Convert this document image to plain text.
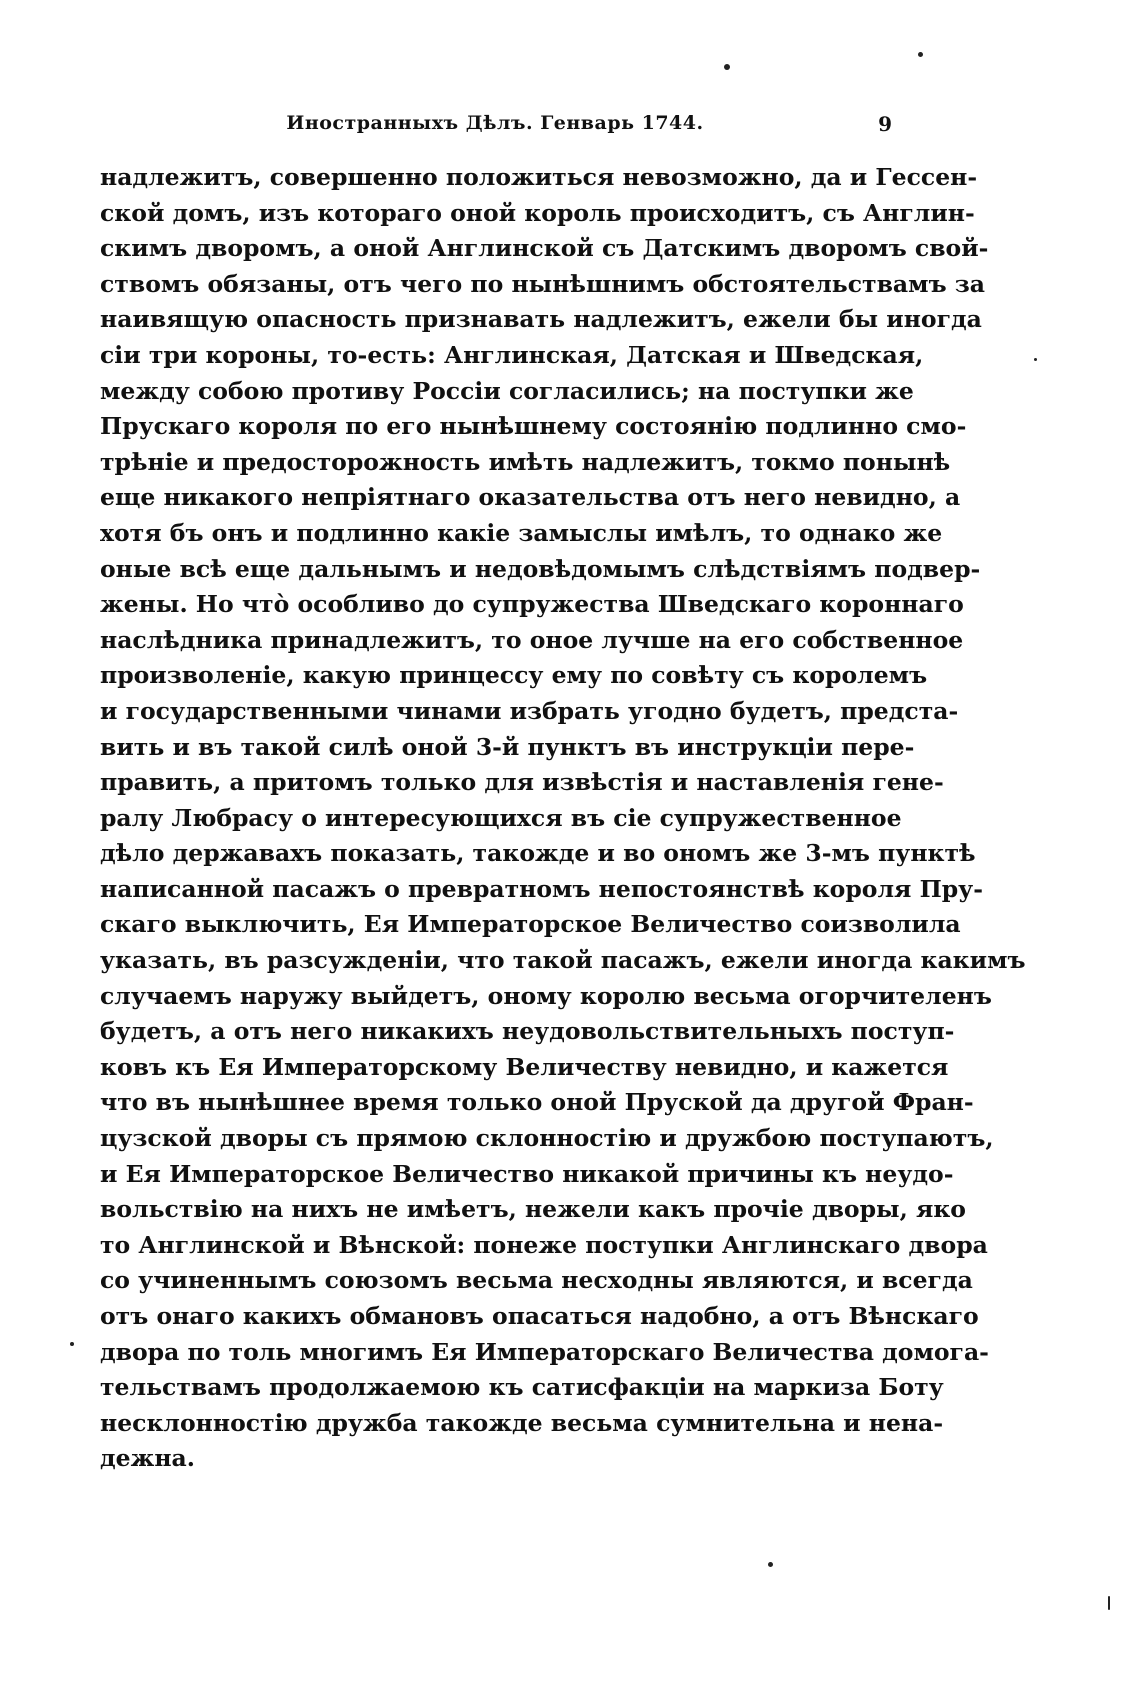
Иностранныхъ Дѣлъ. Генварь 1744.	9
надлежитъ, совершенно положиться невозможно, да и Гессен-
ской домъ, изъ котораго оной король происходитъ, съ Англин-
скимъ дворомъ, а оной Англинской съ Датскимъ дворомъ свой-
ствомъ обязаны, отъ чего по нынѣшнимъ обстоятельствамъ за
наивящую опасность признавать надлежитъ, ежели бы иногда
сіи три короны, то-есть: Англинская, Датская и Шведская,
между собою противу Россіи согласились; на поступки же
Прускаго короля по его нынѣшнему состоянію подлинно смо-
трѣніе и предосторожность имѣть надлежитъ, токмо понынѣ
еще никакого непріятнаго оказательства отъ него невидно, а
хотя бъ онъ и подлинно какіе замыслы имѣлъ, то однако же
оные всѣ еще дальнымъ и недовѣдомымъ слѣдствіямъ подвер-
жены. Но что̀ особливо до супружества Шведскаго короннаго
наслѣдника принадлежитъ, то оное лучше на его собственное
произволеніе, какую принцессу ему по совѣту съ королемъ
и государственными чинами избрать угодно будетъ, предста-
вить и въ такой силѣ оной 3-й пунктъ въ инструкціи пере-
править, а притомъ только для извѣстія и наставленія гене-
ралу Любрасу о интересующихся въ сіе супружественное
дѣло державахъ показать, такожде и во ономъ же 3-мъ пунктѣ
написанной пасажъ о превратномъ непостоянствѣ короля Пру-
скаго выключить, Ея Императорское Величество соизволила
указать, въ разсужденіи, что такой пасажъ, ежели иногда какимъ
случаемъ наружу выйдетъ, оному королю весьма огорчителенъ
будетъ, а отъ него никакихъ неудовольствительныхъ поступ-
ковъ къ Ея Императорскому Величеству невидно, и кажется
что въ нынѣшнее время только оной Пруской да другой Фран-
цузской дворы съ прямою склонностію и дружбою поступаютъ,
и Ея Императорское Величество никакой причины къ неудо-
вольствію на нихъ не имѣетъ, нежели какъ прочіе дворы, яко
то Англинской и Вѣнской: понеже поступки Англинскаго двора
со учиненнымъ союзомъ весьма несходны являются, и всегда
отъ онаго какихъ обмановъ опасаться надобно, а отъ Вѣнскаго
двора по толь многимъ Ея Императорскаго Величества домога-
тельствамъ продолжаемою къ сатисфакціи на маркиза Боту
несклонностію дружба такожде весьма сумнительна и нена-
дежна.
